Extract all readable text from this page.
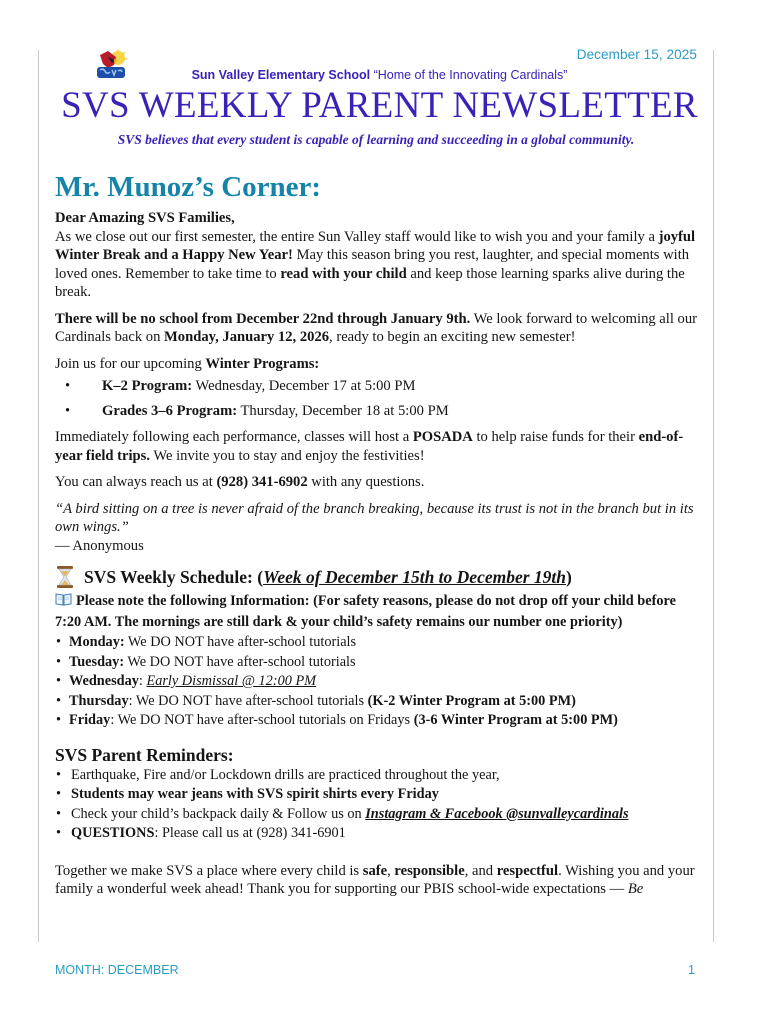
December 15, 2025
Sun Valley Elementary School “Home of the Innovating Cardinals”
SVS WEEKLY PARENT NEWSLETTER
SVS believes that every student is capable of learning and succeeding in a global community.
Mr. Munoz’s Corner:
Dear Amazing SVS Families,

As we close out our first semester, the entire Sun Valley staff would like to wish you and your family a joyful Winter Break and a Happy New Year! May this season bring you rest, laughter, and special moments with loved ones. Remember to take time to read with your child and keep those learning sparks alive during the break.

There will be no school from December 22nd through January 9th. We look forward to welcoming all our Cardinals back on Monday, January 12, 2026, ready to begin an exciting new semester!

Join us for our upcoming Winter Programs:

• K–2 Program: Wednesday, December 17 at 5:00 PM
• Grades 3–6 Program: Thursday, December 18 at 5:00 PM

Immediately following each performance, classes will host a POSADA to help raise funds for their end-of-year field trips. We invite you to stay and enjoy the festivities!

You can always reach us at (928) 341-6902 with any questions.

“A bird sitting on a tree is never afraid of the branch breaking, because its trust is not in the branch but in its own wings.”

— Anonymous
SVS Weekly Schedule: ( Week of December 15th to December 19th )
Please note the following Information: (For safety reasons, please do not drop off your child before 7:20 AM. The mornings are still dark & your child’s safety remains our number one priority)
• Monday: We DO NOT have after-school tutorials
• Tuesday: We DO NOT have after-school tutorials
• Wednesday: Early Dismissal @ 12:00 PM
• Thursday: We DO NOT have after-school tutorials (K-2 Winter Program at 5:00 PM)
• Friday: We DO NOT have after-school tutorials on Fridays (3-6 Winter Program at 5:00 PM)
SVS Parent Reminders:
• Earthquake, Fire and/or Lockdown drills are practiced throughout the year,
• Students may wear jeans with SVS spirit shirts every Friday
• Check your child’s backpack daily & Follow us on Instagram & Facebook @sunvalleycardinals
• QUESTIONS: Please call us at (928) 341-6901

Together we make SVS a place where every child is safe, responsible, and respectful. Wishing you and your family a wonderful week ahead! Thank you for supporting our PBIS school-wide expectations — Be

MONTH: DECEMBER	1
